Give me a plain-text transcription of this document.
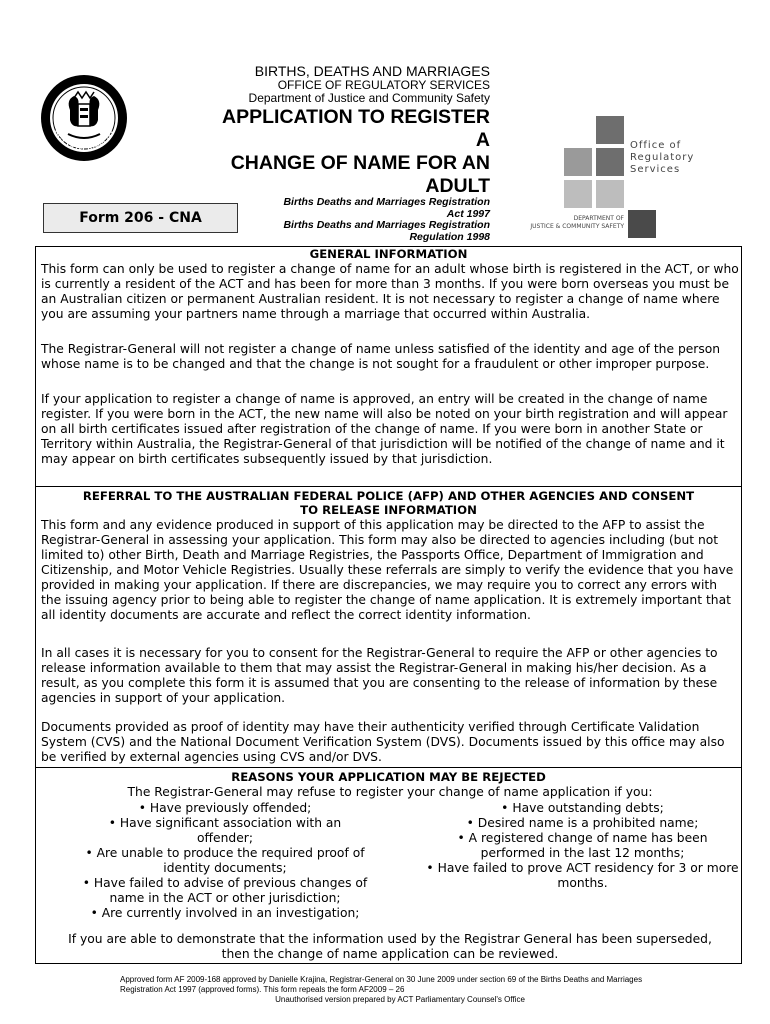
ACT GOVERNMENT
BIRTHS, DEATHS AND MARRIAGES
OFFICE OF REGULATORY SERVICES
Department of Justice and Community Safety
APPLICATION TO REGISTER
A
CHANGE OF NAME FOR AN
ADULT
Form 206 - CNA
Births Deaths and Marriages Registration
Act 1997
Births Deaths and Marriages Registration
Regulation 1998
Office of
Regulatory
Services
DEPARTMENT OF
JUSTICE & COMMUNITY SAFETY
GENERAL INFORMATION
This form can only be used to register a change of name for an adult whose birth is registered in the ACT, or who is currently a resident of the ACT and has been for more than 3 months. If you were born overseas you must be an Australian citizen or permanent Australian resident. It is not necessary to register a change of name where you are assuming your partners name through a marriage that occurred within Australia.
The Registrar-General will not register a change of name unless satisfied of the identity and age of the person whose name is to be changed and that the change is not sought for a fraudulent or other improper purpose.
If your application to register a change of name is approved, an entry will be created in the change of name register. If you were born in the ACT, the new name will also be noted on your birth registration and will appear on all birth certificates issued after registration of the change of name. If you were born in another State or Territory within Australia, the Registrar-General of that jurisdiction will be notified of the change of name and it may appear on birth certificates subsequently issued by that jurisdiction.
REFERRAL TO THE AUSTRALIAN FEDERAL POLICE (AFP) AND OTHER AGENCIES AND CONSENT
TO RELEASE INFORMATION
This form and any evidence produced in support of this application may be directed to the AFP to assist the Registrar-General in assessing your application. This form may also be directed to agencies including (but not limited to) other Birth, Death and Marriage Registries, the Passports Office, Department of Immigration and Citizenship, and Motor Vehicle Registries. Usually these referrals are simply to verify the evidence that you have provided in making your application. If there are discrepancies, we may require you to correct any errors with the issuing agency prior to being able to register the change of name application. It is extremely important that all identity documents are accurate and reflect the correct identity information.
In all cases it is necessary for you to consent for the Registrar-General to require the AFP or other agencies to release information available to them that may assist the Registrar-General in making his/her decision. As a result, as you complete this form it is assumed that you are consenting to the release of information by these agencies in support of your application.
Documents provided as proof of identity may have their authenticity verified through Certificate Validation System (CVS) and the National Document Verification System (DVS). Documents issued by this office may also be verified by external agencies using CVS and/or DVS.
REASONS YOUR APPLICATION MAY BE REJECTED
The Registrar-General may refuse to register your change of name application if you:
• Have previously offended;
• Have significant association with an offender;
• Are unable to produce the required proof of identity documents;
• Have failed to advise of previous changes of name in the ACT or other jurisdiction;
• Are currently involved in an investigation;
• Have outstanding debts;
• Desired name is a prohibited name;
• A registered change of name has been performed in the last 12 months;
• Have failed to prove ACT residency for 3 or more months.
If you are able to demonstrate that the information used by the Registrar General has been superseded, then the change of name application can be reviewed.
Approved form AF 2009-168 approved by Danielle Krajina, Registrar-General on 30 June 2009 under section 69 of the Births Deaths and Marriages Registration Act 1997 (approved forms). This form repeals the form AF2009 – 26
Unauthorised version prepared by ACT Parliamentary Counsel's Office
